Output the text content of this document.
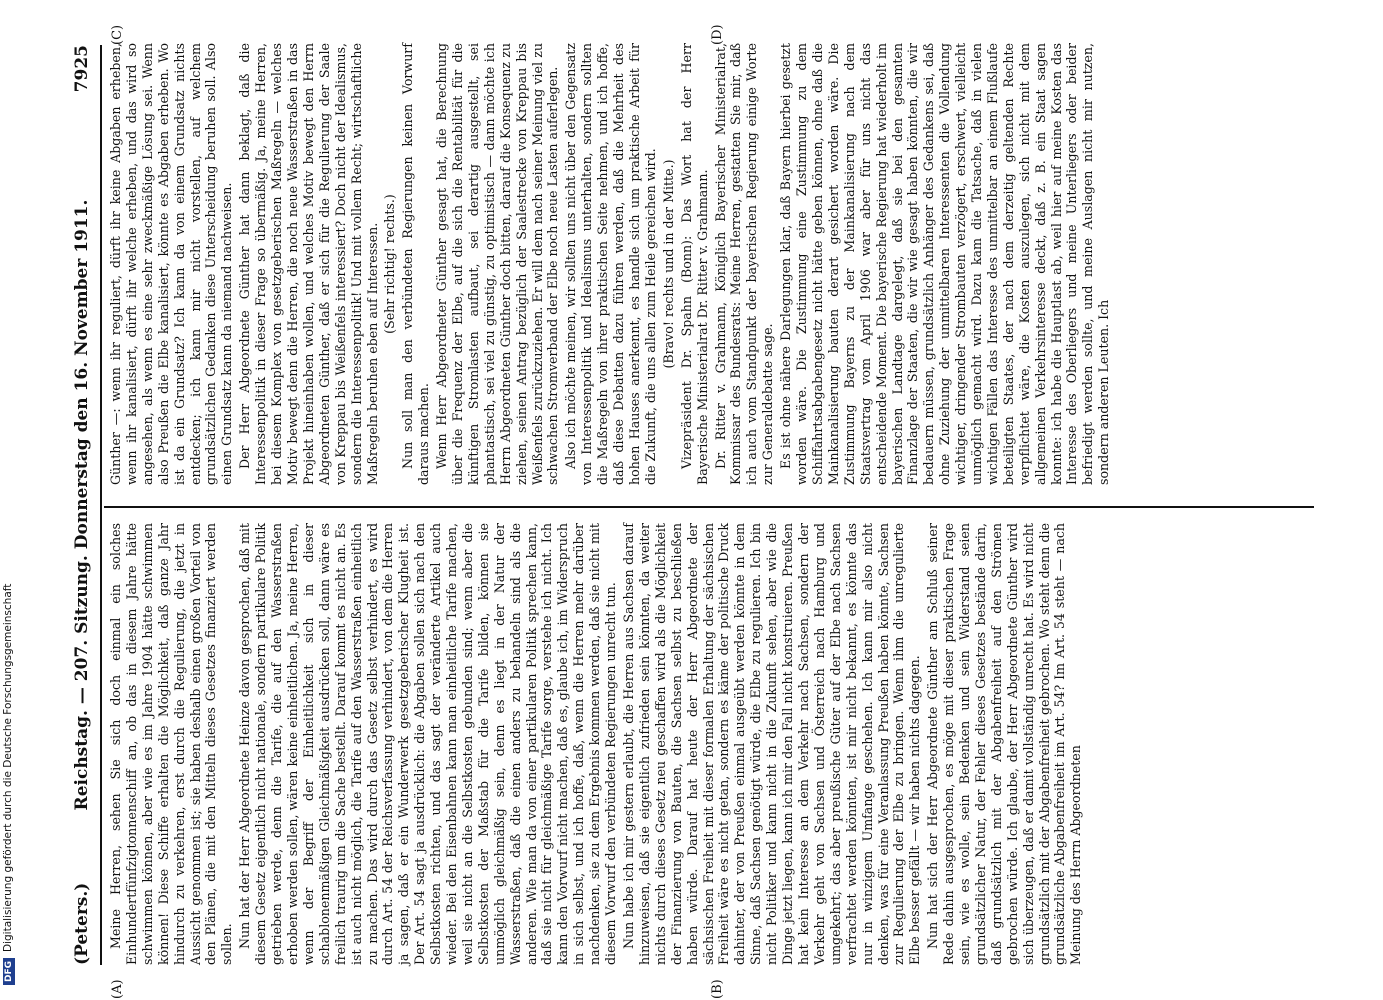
(Peters.)
Reichstag. — 207. Sitzung. Donnerstag den 16. November 1911.
7925
(A)	(B)
(C)	(D)

Meine Herren, sehen Sie sich doch einmal ein solches Einhundertfünfzigtonnenschiff an, ob das in diesem Jahre hätte schwimmen können, aber wie es im Jahre 1904 hätte schwimmen können! Diese Schiffe erhalten die Möglichkeit, daß ganze Jahr hindurch zu verkehren, erst durch die Regulierung, die jetzt in Aussicht genommen ist; sie haben deshalb einen großen Vorteil von den Plänen, die mit den Mitteln dieses Gesetzes finanziert werden sollen. Nun hat der Herr Abgeordnete Heinze davon gesprochen, daß mit diesem Gesetz eigentlich nicht nationale, sondern partikulare Politik getrieben werde, denn die Tarife, die auf den Wasserstraßen erhoben werden sollen, wären keine einheitlichen. Ja, meine Herren, wenn der Begriff der Einheitlichkeit sich in dieser schablonenmäßigen Gleichmäßigkeit ausdrücken soll, dann wäre es freilich traurig um die Sache bestellt. Darauf kommt es nicht an. Es ist auch nicht möglich, die Tarife auf den Wasserstraßen einheitlich zu machen. Das wird durch das Gesetz selbst verhindert, es wird durch Art. 54 der Reichsverfassung verhindert, von dem die Herren ja sagen, daß er ein Wunderwerk gesetzgeberischer Klugheit ist. Der Art. 54 sagt ja ausdrücklich: die Abgaben sollen sich nach den Selbstkosten richten, und das sagt der veränderte Artikel auch wieder. Bei den Eisenbahnen kann man einheitliche Tarife machen, weil sie nicht an die Selbstkosten gebunden sind; wenn aber die Selbstkosten der Maßstab für die Tarife bilden, können sie unmöglich gleichmäßig sein, denn es liegt in der Natur der Wasserstraßen, daß die einen anders zu behandeln sind als die anderen. Wie man da von einer partikularen Politik sprechen kann, daß sie nicht für gleichmäßige Tarife sorge, verstehe ich nicht. Ich kann den Vorwurf nicht machen, daß es, glaube ich, im Widerspruch in sich selbst, und ich hoffe, daß, wenn die Herren mehr darüber nachdenken, sie zu dem Ergebnis kommen werden, daß sie nicht mit diesem Vorwurf den verbündeten Regierungen unrecht tun. Nun habe ich mir gestern erlaubt, die Herren aus Sachsen darauf hinzuweisen, daß sie eigentlich zufrieden sein könnten, da weiter nichts durch dieses Gesetz neu geschaffen wird als die Möglichkeit der Finanzierung von Bauten, die Sachsen selbst zu beschließen haben würde. Darauf hat heute der Herr Abgeordnete der sächsischen Freiheit mit dieser formalen Erhaltung der sächsischen Freiheit wäre es nicht getan, sondern es käme der politische Druck dahinter, der von Preußen einmal ausgeübt werden könnte in dem Sinne, daß Sachsen genötigt würde, die Elbe zu regulieren. Ich bin nicht Politiker und kann nicht in die Zukunft sehen, aber wie die Dinge jetzt liegen, kann ich mir den Fall nicht konstruieren. Preußen hat kein Interesse an dem Verkehr nach Sachsen, sondern der Verkehr geht von Sachsen und Österreich nach Hamburg und umgekehrt; das aber preußische Güter auf der Elbe nach Sachsen verfrachtet werden könnten, ist mir nicht bekannt, es könnte das nur in winzigem Umfange geschehen. Ich kann mir also nicht denken, was für eine Veranlassung Preußen haben könnte, Sachsen zur Regulierung der Elbe zu bringen. Wenn ihm die unregulierte Elbe besser gefällt — wir haben nichts dagegen. Nun hat sich der Herr Abgeordnete Günther am Schluß seiner Rede dahin ausgesprochen, es möge mit dieser praktischen Frage sein, wie es wolle, sein Bedenken und sein Widerstand seien grundsätzlicher Natur, der Fehler dieses Gesetzes bestände darin, daß grundsätzlich mit der Abgabenfreiheit auf den Strömen gebrochen würde. Ich glaube, der Herr Abgeordnete Günther wird sich überzeugen, daß er damit vollständig unrecht hat. Es wird nicht grundsätzlich mit der Abgabenfreiheit gebrochen. Wo steht denn die grundsätzliche Abgabenfreiheit im Art. 54? Im Art. 54 steht — nach Meinung des Herrn Abgeordneten

Günther —: wenn ihr reguliert, dürft ihr keine Abgaben erheben, wenn ihr kanalisiert, dürft ihr welche erheben, und das wird so angesehen, als wenn es eine sehr zweckmäßige Lösung sei. Wenn also Preußen die Elbe kanalisiert, könnte es Abgaben erheben. Wo ist da ein Grundsatz? Ich kann da von einem Grundsatz nichts entdecken; ich kann mir nicht vorstellen, auf welchem grundsätzlichen Gedanken diese Unterscheidung beruhen soll. Also einen Grundsatz kann da niemand nachweisen. Der Herr Abgeordnete Günther hat dann beklagt, daß die Interessenpolitik in dieser Frage so übermäßig. Ja, meine Herren, bei diesem Komplex von gesetzgeberischen Maßregeln — welches Motiv bewegt denn die Herren, die noch neue Wasserstraßen in das Projekt hineinhaben wollen, und welches Motiv bewegt den Herrn Abgeordneten Günther, daß er sich für die Regulierung der Saale von Kreppau bis Weißenfels interessiert? Doch nicht der Idealismus, sondern die Interessenpolitik! Und mit vollem Recht; wirtschaftliche Maßregeln beruhen eben auf Interessen. (Sehr richtig! rechts.) Nun soll man den verbündeten Regierungen keinen Vorwurf daraus machen. Wenn Herr Abgeordneter Günther gesagt hat, die Berechnung über die Frequenz der Elbe, auf die sich die Rentabilität für die künftigen Stromlasten aufbaut, sei derartig ausgestellt, sei phantastisch, sei viel zu günstig, zu optimistisch — dann möchte ich Herrn Abgeordneten Günther doch bitten, darauf die Konsequenz zu ziehen, seinen Antrag bezüglich der Saalestrecke von Kreppau bis Weißenfels zurückzuziehen. Er will dem nach seiner Meinung viel zu schwachen Stromverband der Elbe noch neue Lasten auferlegen. Also ich möchte meinen, wir sollten uns nicht über den Gegensatz von Interessenpolitik und Idealismus unterhalten, sondern sollten die Maßregeln von ihrer praktischen Seite nehmen, und ich hoffe, daß diese Debatten dazu führen werden, daß die Mehrheit des hohen Hauses anerkennt, es handle sich um praktische Arbeit für die Zukunft, die uns allen zum Heile gereichen wird. (Bravo! rechts und in der Mitte.) Vizepräsident Dr. Spahn (Bonn): Das Wort hat der Herr Bayerische Ministerialrat Dr. Ritter v. Grahmann. Dr. Ritter v. Grahmann, Königlich Bayerischer Ministerialrat, Kommissar des Bundesrats: Meine Herren, gestatten Sie mir, daß ich auch vom Standpunkt der bayerischen Regierung einige Worte zur Generaldebatte sage. Es ist ohne nähere Darlegungen klar, daß Bayern hierbei gesetzt worden wäre. Die Zustimmung eine Zustimmung zu dem Schiffahrtsabgabengesetz nicht hätte geben können, ohne daß die Mainkanalisierung bauten derart gesichert worden wäre. Die Zustimmung Bayerns zu der Mainkanalisierung nach dem Staatsvertrag vom April 1906 war aber für uns nicht das entscheidende Moment. Die bayerische Regierung hat wiederholt im bayerischen Landtage dargelegt, daß sie bei den gesamten Finanzlage der Staaten, die wir wie gesagt haben könnten, die wir bedauern müssen, grundsätzlich Anhänger des Gedankens sei, daß ohne Zuziehung der unmittelbaren Interessenten die Vollendung wichtiger, dringender Strombauten verzögert, erschwert, vielleicht unmöglich gemacht wird. Dazu kam die Tatsache, daß in vielen wichtigen Fällen das Interesse des unmittelbar an einem Flußlaufe beteiligten Staates, der nach dem derzeitig geltenden Rechte verpflichtet wäre, die Kosten auszulegen, sich nicht mit dem allgemeinen Verkehrsinteresse deckt, daß z. B. ein Staat sagen konnte: ich habe die Hauptlast ab, weil hier auf meine Kosten das Interesse des Oberliegers und meine Unterliegers oder beider befriedigt werden sollte, und meine Auslagen nicht mir nutzen, sondern anderen Leuten. Ich

DFGDigitalisierung gefördert durch die Deutsche Forschungsgemeinschaft
